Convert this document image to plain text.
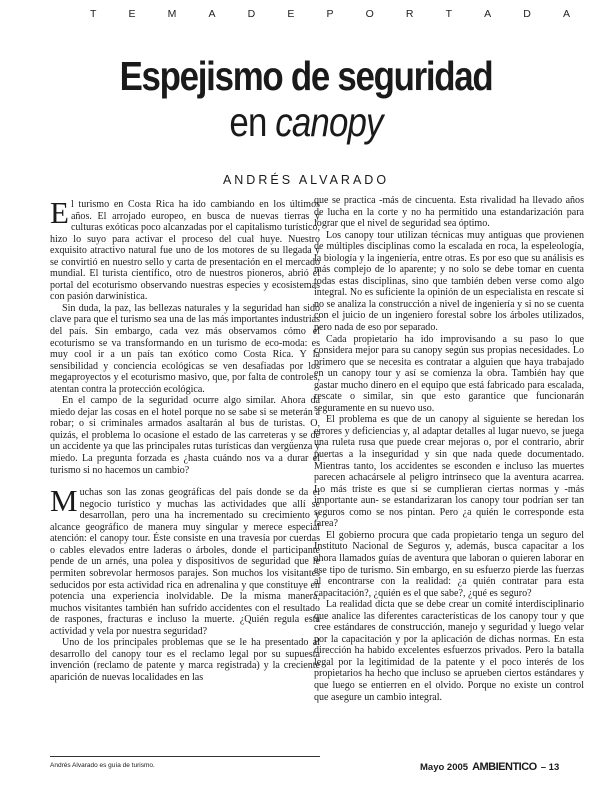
T	E	M	A	D	E	P	O	R	T	A	D	A
Espejismo de seguridad
en canopy
ANDRÉS ALVARADO

El turismo en Costa Rica ha ido cambiando en los últimos años. El arrojado europeo, en busca de nuevas tierras y culturas exóticas poco alcanzadas por el capitalismo turístico, hizo lo suyo para activar el proceso del cual huye. Nuestro exquisito atractivo natural fue uno de los motores de su llegada y se convirtió en nuestro sello y carta de presentación en el mercado mundial. El turista científico, otro de nuestros pioneros, abrió el portal del ecoturismo observando nuestras especies y ecosistemas con pasión darwinística.

Sin duda, la paz, las bellezas naturales y la seguridad han sido clave para que el turismo sea una de las más importantes industrias del país. Sin embargo, cada vez más observamos cómo el ecoturismo se va transformando en un turismo de eco-moda: es muy cool ir a un país tan exótico como Costa Rica. Y la sensibilidad y conciencia ecológicas se ven desafiadas por los megaproyectos y el ecoturismo masivo, que, por falta de controles, atentan contra la protección ecológica.

En el campo de la seguridad ocurre algo similar. Ahora da miedo dejar las cosas en el hotel porque no se sabe si se meterán a robar; o si criminales armados asaltarán al bus de turistas. O, quizás, el problema lo ocasione el estado de las carreteras y se dé un accidente ya que las principales rutas turísticas dan vergüenza y miedo. La pregunta forzada es ¿hasta cuándo nos va a durar el turismo si no hacemos un cambio?

Muchas son las zonas geográficas del país donde se da el negocio turístico y muchas las actividades que allí se desarrollan, pero una ha incrementado su crecimiento y alcance geográfico de manera muy singular y merece especial atención: el canopy tour. Éste consiste en una travesía por cuerdas o cables elevados entre laderas o árboles, donde el participante pende de un arnés, una polea y dispositivos de seguridad que le permiten sobrevolar hermosos parajes. Son muchos los visitantes seducidos por esta actividad rica en adrenalina y que constituye en potencia una experiencia inolvidable. De la misma manera, muchos visitantes también han sufrido accidentes con el resultado de raspones, fracturas e incluso la muerte. ¿Quién regula esta actividad y vela por nuestra seguridad?

Uno de los principales problemas que se le ha presentado al desarrollo del canopy tour es el reclamo legal por su supuesta invención (reclamo de patente y marca registrada) y la creciente aparición de nuevas localidades en las

que se practica -más de cincuenta. Esta rivalidad ha llevado años de lucha en la corte y no ha permitido una estandarización para lograr que el nivel de seguridad sea óptimo.

Los canopy tour utilizan técnicas muy antiguas que provienen de múltiples disciplinas como la escalada en roca, la espeleología, la biología y la ingeniería, entre otras. Es por eso que su análisis es más complejo de lo aparente; y no solo se debe tomar en cuenta todas estas disciplinas, sino que también deben verse como algo integral. No es suficiente la opinión de un especialista en rescate si no se analiza la construcción a nivel de ingeniería y si no se cuenta con el juicio de un ingeniero forestal sobre los árboles utilizados, pero nada de eso por separado.

Cada propietario ha ido improvisando a su paso lo que considera mejor para su canopy según sus propias necesidades. Lo primero que se necesita es contratar a alguien que haya trabajado en un canopy tour y así se comienza la obra. También hay que gastar mucho dinero en el equipo que está fabricado para escalada, rescate o similar, sin que esto garantice que funcionarán seguramente en su nuevo uso.

El problema es que de un canopy al siguiente se heredan los errores y deficiencias y, al adaptar detalles al lugar nuevo, se juega una ruleta rusa que puede crear mejoras o, por el contrario, abrir puertas a la inseguridad y sin que nada quede documentado. Mientras tanto, los accidentes se esconden e incluso las muertes parecen achacársele al peligro intrínseco que la aventura acarrea. Lo más triste es que si se cumplieran ciertas normas y -más importante aun- se estandarizaran los canopy tour podrían ser tan seguros como se nos pintan. Pero ¿a quién le corresponde esta tarea?

El gobierno procura que cada propietario tenga un seguro del Instituto Nacional de Seguros y, además, busca capacitar a los ahora llamados guías de aventura que laboran o quieren laborar en ese tipo de turismo. Sin embargo, en su esfuerzo pierde las fuerzas al encontrarse con la realidad: ¿a quién contratar para esta capacitación?, ¿quién es el que sabe?, ¿qué es seguro?

La realidad dicta que se debe crear un comité interdisciplinario que analice las diferentes características de los canopy tour y que cree estándares de construcción, manejo y seguridad y luego velar por la capacitación y por la aplicación de dichas normas. En esta dirección ha habido excelentes esfuerzos privados. Pero la batalla legal por la legitimidad de la patente y el poco interés de los propietarios ha hecho que incluso se aprueben ciertos estándares y que luego se entierren en el olvido. Porque no existe un control que asegure un cambio integral.

Andrés Alvarado es guía de turismo.	Mayo 2005 AMBIENTICO – 13
